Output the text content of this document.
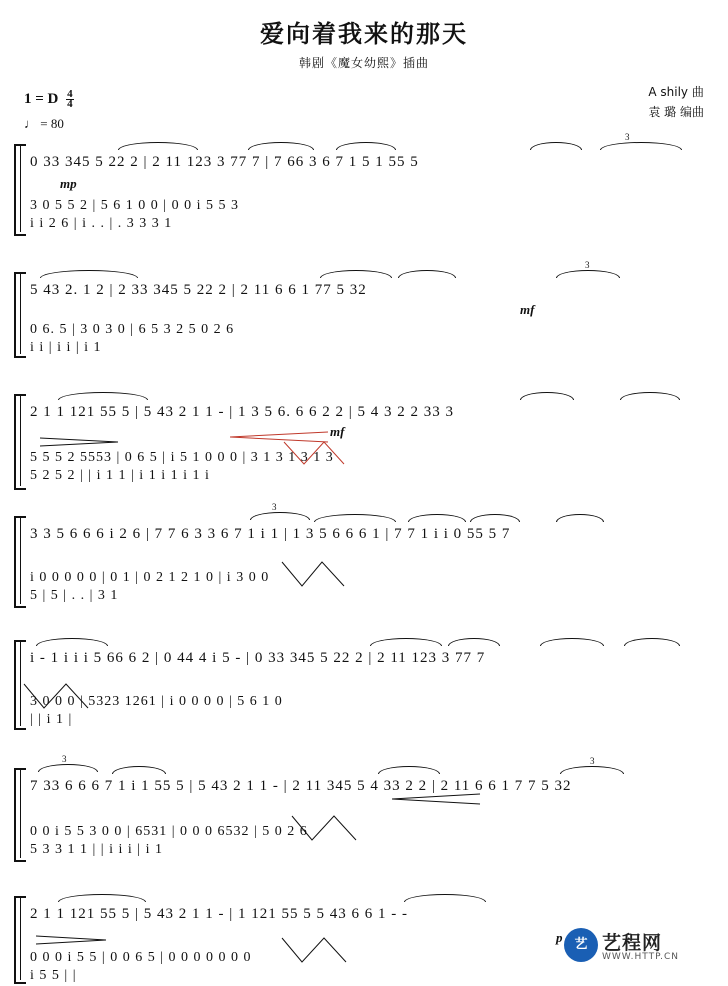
爱向着我来的那天
韩剧《魔女幼熙》插曲
A shily 曲
袁 璐 编曲
1 = D $\frac{4}{4}$
♩ = 80
3
0 33 345 5 22 2 | 2 11 123 3 77 7 | 7 66 3 6 7 1 5 1 55 5
mp
3 0 5 5 2 | 5 6 1 0 0 | 0 0 i 5 5 3
i i 2 6 | i . . | . 3 3 3 1
3
5 43 2. 1 2 | 2 33 345 5 22 2 | 2 11 6 6 1 77 5 32
mf
0 6. 5 | 3 0 3 0 | 6 5 3 2 5 0 2 6
i i | i i | i 1
2 1 1 121 55 5 | 5 43 2 1 1 - | 1 3 5 6. 6 6 2 2 | 5 4 3 2 2 33 3
mf
5 5 5 2 5553 | 0 6 5 | i 5 1 0 0 0 | 3 1 3 1 3 1 3
5 2 5 2 | | i 1 1 | i 1 i 1 i 1 i
3
3 3 5 6 6 6 i 2 6 | 7 7 6 3 3 6 7 1 i 1 | 1 3 5 6 6 6 1 | 7 7 1 i i 0 55 5 7
i 0 0 0 0 0 | 0 1 | 0 2 1 2 1 0 | i 3 0 0
5 | 5 | . . | 3 1
i - 1 i i i 5 66 6 2 | 0 44 4 i 5 - | 0 33 345 5 22 2 | 2 11 123 3 77 7
3 0 0 0 | 5323 1261 | i 0 0 0 0 | 5 6 1 0
| | i 1 |
3	3
7 33 6 6 6 7 1 i 1 55 5 | 5 43 2 1 1 - | 2 11 345 5 4 33 2 2 | 2 11 6 6 1 7 7 5 32
0 0 i 5 5 3 0 0 | 6531 | 0 0 0 6532 | 5 0 2 6
5 3 3 1 1 | | i i i | i 1
2 1 1 121 55 5 | 5 43 2 1 1 - | 1 121 55 5 5 43 6 6 1 - -
p
0 0 0 i 5 5 | 0 0 6 5 | 0 0 0 0 0 0 0
i 5 5 | |
艺 艺程网
WWW.HTTP.CN
